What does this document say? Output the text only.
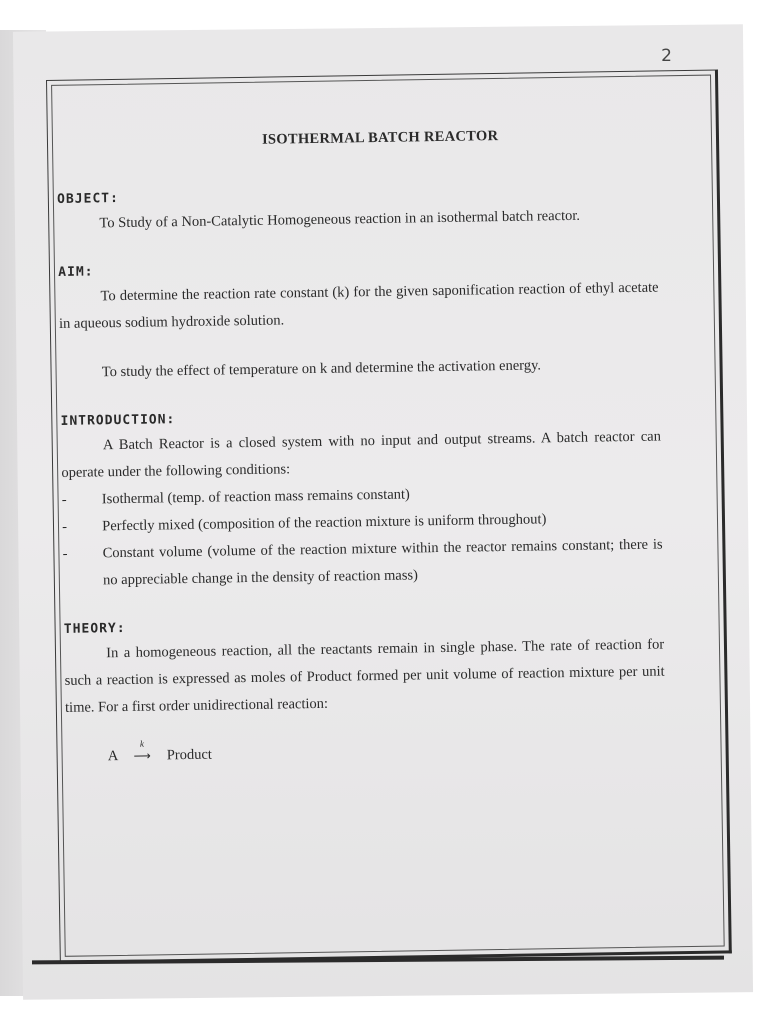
2
ISOTHERMAL BATCH REACTOR
OBJECT:

To Study of a Non-Catalytic Homogeneous reaction in an isothermal batch reactor.

AIM:

To determine the reaction rate constant (k) for the given saponification reaction of ethyl acetate in aqueous sodium hydroxide solution.

To study the effect of temperature on k and determine the activation energy.

INTRODUCTION:

A Batch Reactor is a closed system with no input and output streams. A batch reactor can operate under the following conditions:

- Isothermal (temp. of reaction mass remains constant)
- Perfectly mixed (composition of the reaction mixture is uniform throughout)
- Constant volume (volume of the reaction mixture within the reactor remains constant; there is no appreciable change in the density of reaction mass)
THEORY:

In a homogeneous reaction, all the reactants remain in single phase. The rate of reaction for such a reaction is expressed as moles of Product formed per unit volume of reaction mixture per unit time. For a first order unidirectional reaction:

A
k
⟶ Product
